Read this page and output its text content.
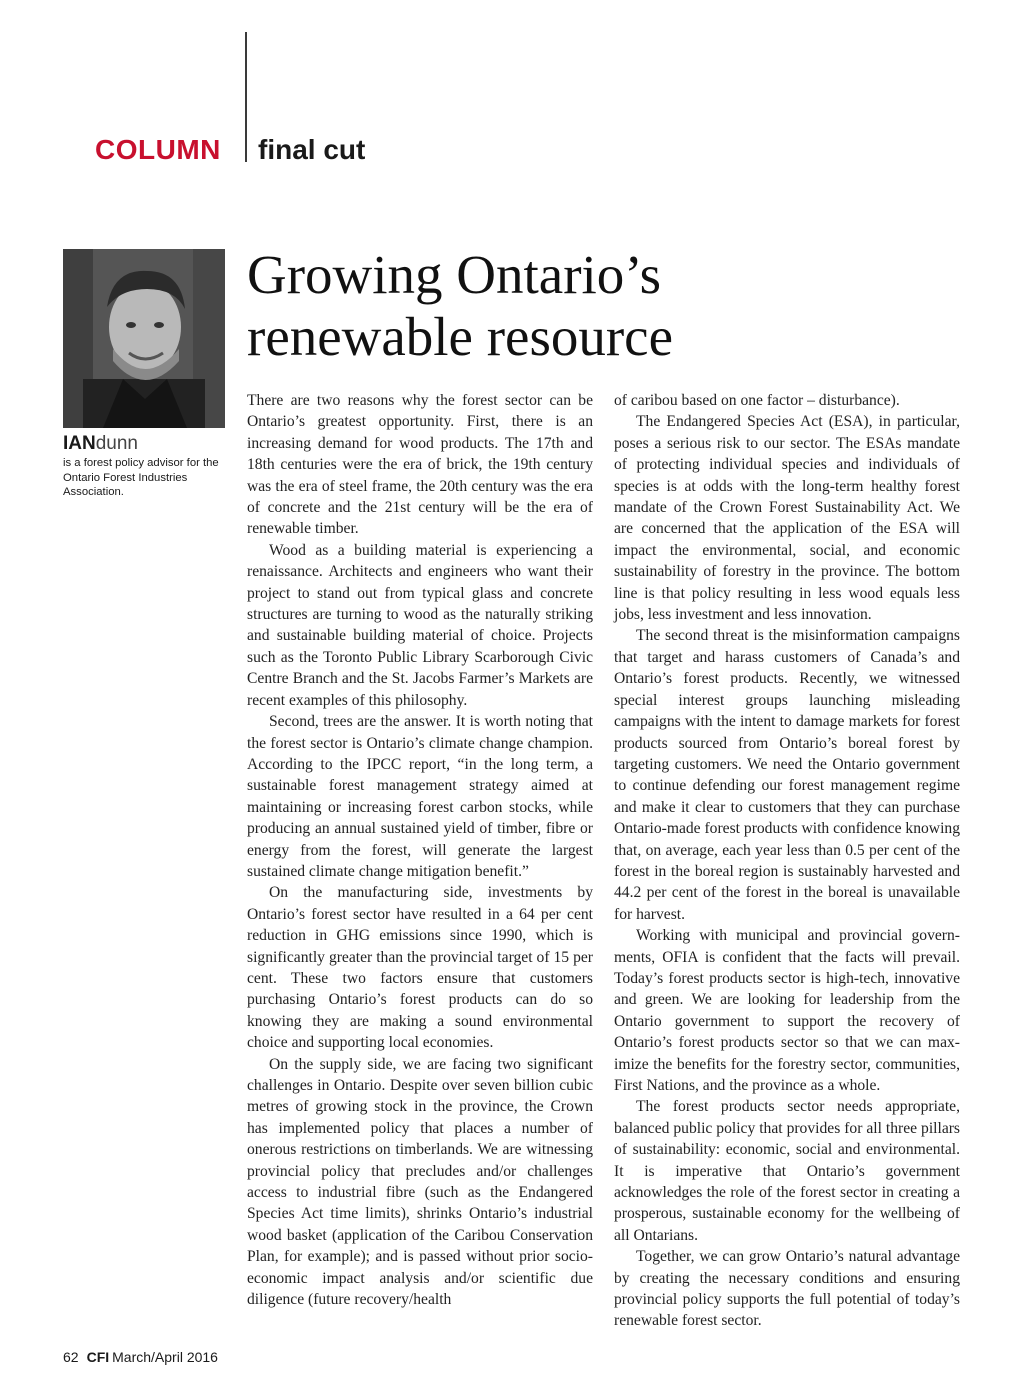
COLUMN final cut
IANdunn
is a forest policy advisor for the Ontario Forest Industries Association.
Growing Ontario’s
renewable resource

There are two reasons why the forest sector can be Ontario’s greatest opportunity. First, there is an increasing demand for wood products. The 17th and 18th centuries were the era of brick, the 19th century was the era of steel frame, the 20th century was the era of concrete and the 21st century will be the era of renewable timber.

Wood as a building material is experiencing a renaissance. Architects and engineers who want their project to stand out from typical glass and concrete structures are turning to wood as the naturally striking and sustainable building material of choice. Projects such as the Toronto Public Library Scarborough Civic Centre Branch and the St. Jacobs Farmer’s Markets are recent examples of this philosophy.

Second, trees are the answer. It is worth noting that the forest sector is Ontario’s climate change champion. According to the IPCC report, “in the long term, a sustainable forest management strategy aimed at maintaining or increasing forest carbon stocks, while producing an annual sustained yield of timber, fibre or energy from the forest, will generate the largest sustained climate change mitigation benefit.”

On the manufacturing side, investments by Ontario’s forest sector have resulted in a 64 per cent reduction in GHG emissions since 1990, which is significantly greater than the provincial target of 15 per cent. These two factors ensure that customers purchasing Ontario’s forest products can do so knowing they are making a sound environmental choice and supporting local economies.

On the supply side, we are facing two significant challenges in Ontario. Despite over seven billion cubic metres of growing stock in the province, the Crown has implemented policy that places a number of onerous restrictions on timberlands. We are witnessing provincial policy that precludes and/or challenges access to industrial fibre (such as the Endangered Species Act time limits), shrinks Ontario’s industrial wood basket (application of the Caribou Conservation Plan, for example); and is passed without prior socio-economic impact analysis and/or scientific due diligence (future recovery/health

of caribou based on one factor – disturbance).

The Endangered Species Act (ESA), in particular, poses a serious risk to our sector. The ESAs mandate of protecting individual species and individuals of species is at odds with the long-term healthy forest mandate of the Crown Forest Sustainability Act. We are concerned that the application of the ESA will impact the environmental, social, and economic sustainability of forestry in the province. The bottom line is that policy resulting in less wood equals less jobs, less investment and less innovation.

The second threat is the misinformation campaigns that target and harass customers of Canada’s and Ontario’s forest products. Recently, we witnessed special interest groups launching misleading campaigns with the intent to damage markets for forest products sourced from Ontario’s boreal forest by targeting customers. We need the Ontario government to continue defending our forest management regime and make it clear to customers that they can purchase Ontario-made forest products with confidence knowing that, on average, each year less than 0.5 per cent of the forest in the boreal region is sustainably harvested and 44.2 per cent of the forest in the boreal is unavailable for harvest.

Working with municipal and provincial governments, OFIA is confident that the facts will prevail. Today’s forest products sector is high-tech, innovative and green. We are looking for leadership from the Ontario government to support the recovery of Ontario’s forest products sector so that we can maximize the benefits for the forestry sector, communities, First Nations, and the province as a whole.

The forest products sector needs appropriate, balanced public policy that provides for all three pillars of sustainability: economic, social and environmental. It is imperative that Ontario’s government acknowledges the role of the forest sector in creating a prosperous, sustainable economy for the wellbeing of all Ontarians.

Together, we can grow Ontario’s natural advantage by creating the necessary conditions and ensuring provincial policy supports the full potential of today’s renewable forest sector.

62 CFI March/April 2016
